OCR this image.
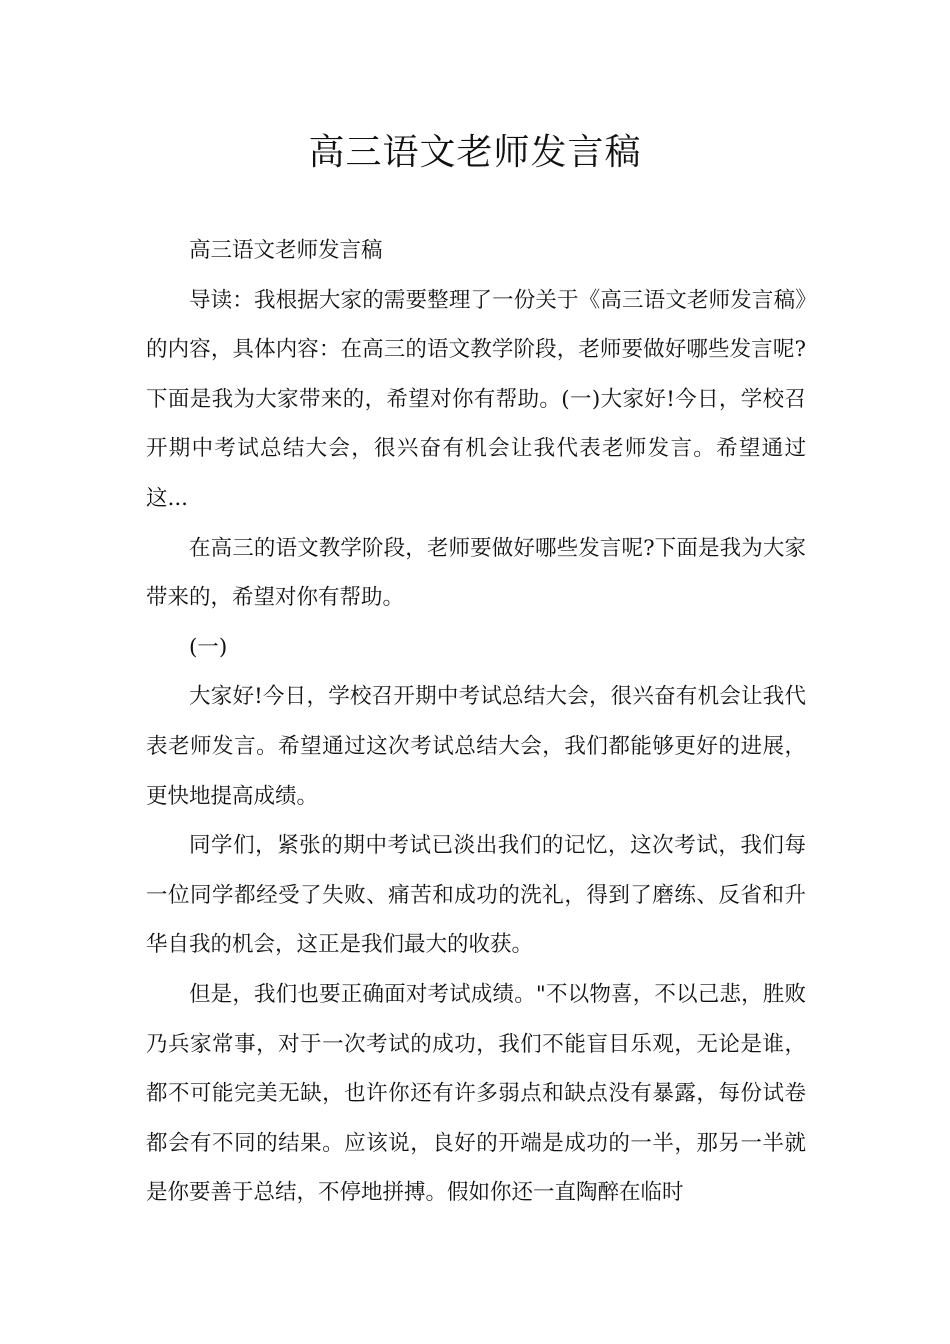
高三语文老师发言稿

高三语文老师发言稿

导读：我根据大家的需要整理了一份关于《高三语文老师发言稿》的内容，具体内容：在高三的语文教学阶段，老师要做好哪些发言呢?下面是我为大家带来的，希望对你有帮助。(一)大家好!今日，学校召开期中考试总结大会，很兴奋有机会让我代表老师发言。希望通过这...

在高三的语文教学阶段，老师要做好哪些发言呢?下面是我为大家带来的，希望对你有帮助。

(一)

大家好!今日，学校召开期中考试总结大会，很兴奋有机会让我代表老师发言。希望通过这次考试总结大会，我们都能够更好的进展，更快地提高成绩。

同学们，紧张的期中考试已淡出我们的记忆，这次考试，我们每一位同学都经受了失败、痛苦和成功的洗礼，得到了磨练、反省和升华自我的机会，这正是我们最大的收获。

但是，我们也要正确面对考试成绩。"不以物喜，不以己悲，胜败乃兵家常事，对于一次考试的成功，我们不能盲目乐观，无论是谁，都不可能完美无缺，也许你还有许多弱点和缺点没有暴露，每份试卷都会有不同的结果。应该说，良好的开端是成功的一半，那另一半就是你要善于总结，不停地拼搏。假如你还一直陶醉在临时
